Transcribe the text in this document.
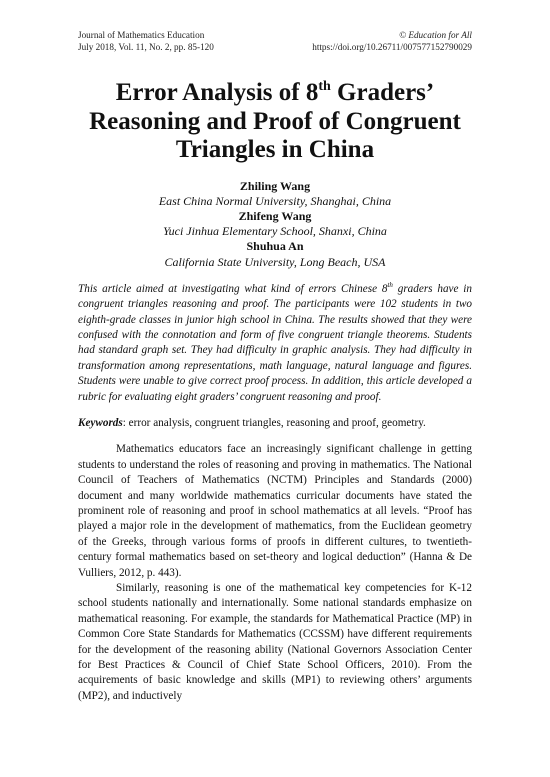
Journal of Mathematics Education
July 2018, Vol. 11, No. 2, pp. 85-120
© Education for All
https://doi.org/10.26711/007577152790029
Error Analysis of 8th Graders’
Reasoning and Proof of Congruent
Triangles in China
Zhiling Wang
East China Normal University, Shanghai, China
Zhifeng Wang
Yuci Jinhua Elementary School, Shanxi, China
Shuhua An
California State University, Long Beach, USA
This article aimed at investigating what kind of errors Chinese 8th graders have in congruent triangles reasoning and proof. The participants were 102 students in two eighth-grade classes in junior high school in China. The results showed that they were confused with the connotation and form of five congruent triangle theorems. Students had standard graph set. They had difficulty in graphic analysis. They had difficulty in transformation among representations, math language, natural language and figures. Students were unable to give correct proof process. In addition, this article developed a rubric for evaluating eight graders’ congruent reasoning and proof.
Keywords: error analysis, congruent triangles, reasoning and proof, geometry.

Mathematics educators face an increasingly significant challenge in getting students to understand the roles of reasoning and proving in mathematics. The National Council of Teachers of Mathematics (NCTM) Principles and Standards (2000) document and many worldwide mathematics curricular documents have stated the prominent role of reasoning and proof in school mathematics at all levels. “Proof has played a major role in the development of mathematics, from the Euclidean geometry of the Greeks, through various forms of proofs in different cultures, to twentieth-century formal mathematics based on set-theory and logical deduction” (Hanna & De Vulliers, 2012, p. 443).

Similarly, reasoning is one of the mathematical key competencies for K-12 school students nationally and internationally. Some national standards emphasize on mathematical reasoning. For example, the standards for Mathematical Practice (MP) in Common Core State Standards for Mathematics (CCSSM) have different requirements for the development of the reasoning ability (National Governors Association Center for Best Practices & Council of Chief State School Officers, 2010). From the acquirements of basic knowledge and skills (MP1) to reviewing others’ arguments (MP2), and inductively
